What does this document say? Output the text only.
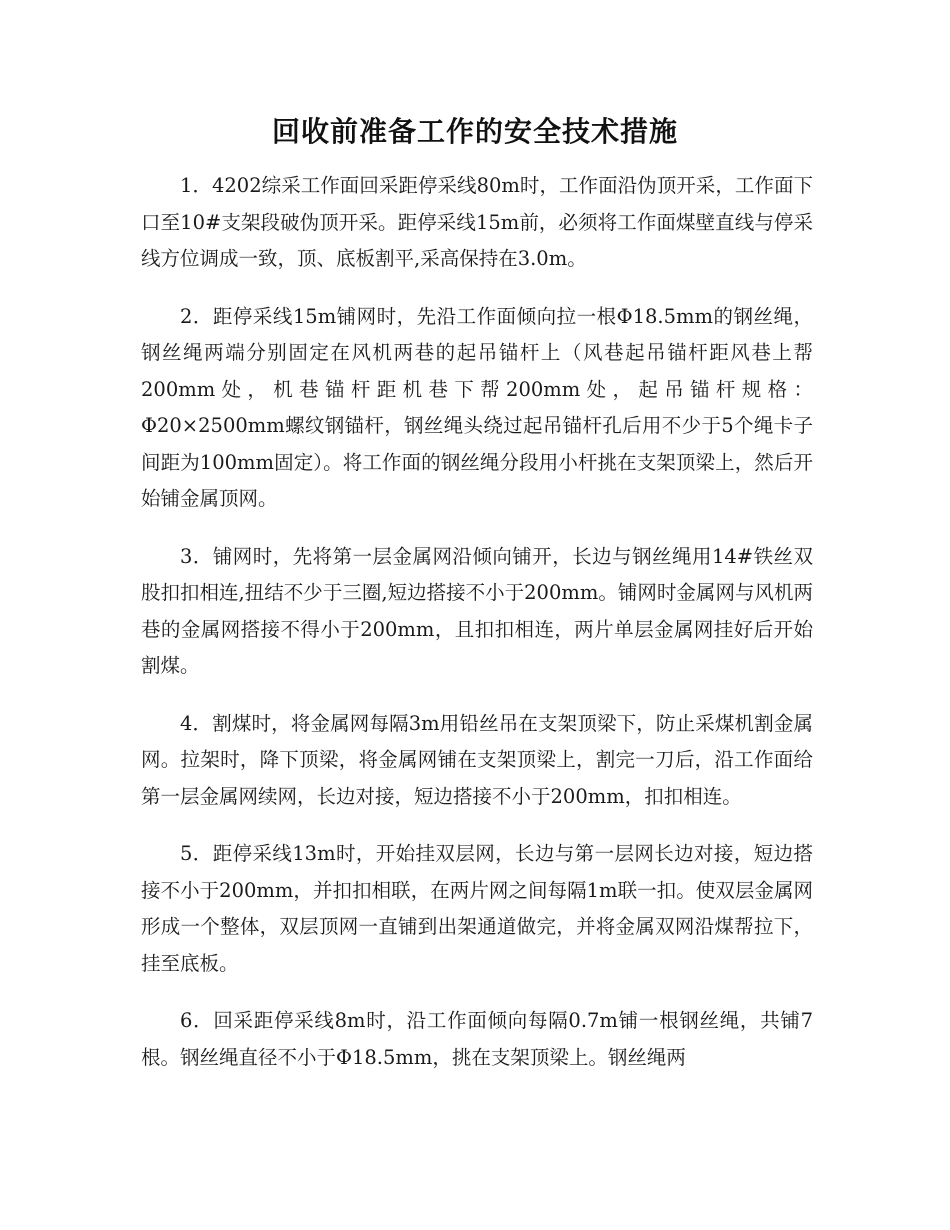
回收前准备工作的安全技术措施

1．4202综采工作面回采距停采线80m时，工作面沿伪顶开采，工作面下口至10#支架段破伪顶开采。距停采线15m前，必须将工作面煤壁直线与停采线方位调成一致，顶、底板割平,采高保持在3.0m。

2．距停采线15m铺网时，先沿工作面倾向拉一根Φ18.5mm的钢丝绳，钢丝绳两端分别固定在风机两巷的起吊锚杆上（风巷起吊锚杆距风巷上帮200mm处，机巷锚杆距机巷下帮200mm处，起吊锚杆规格：Φ20×2500mm螺纹钢锚杆，钢丝绳头绕过起吊锚杆孔后用不少于5个绳卡子间距为100mm固定）。将工作面的钢丝绳分段用小杆挑在支架顶梁上，然后开始铺金属顶网。

3．铺网时，先将第一层金属网沿倾向铺开，长边与钢丝绳用14#铁丝双股扣扣相连,扭结不少于三圈,短边搭接不小于200mm。铺网时金属网与风机两巷的金属网搭接不得小于200mm，且扣扣相连，两片单层金属网挂好后开始割煤。

4．割煤时，将金属网每隔3m用铅丝吊在支架顶梁下，防止采煤机割金属网。拉架时，降下顶梁，将金属网铺在支架顶梁上，割完一刀后，沿工作面给第一层金属网续网，长边对接，短边搭接不小于200mm，扣扣相连。

5．距停采线13m时，开始挂双层网，长边与第一层网长边对接，短边搭接不小于200mm，并扣扣相联，在两片网之间每隔1m联一扣。使双层金属网形成一个整体，双层顶网一直铺到出架通道做完，并将金属双网沿煤帮拉下，挂至底板。

6．回采距停采线8m时，沿工作面倾向每隔0.7m铺一根钢丝绳，共铺7根。钢丝绳直径不小于Φ18.5mm，挑在支架顶梁上。钢丝绳两
